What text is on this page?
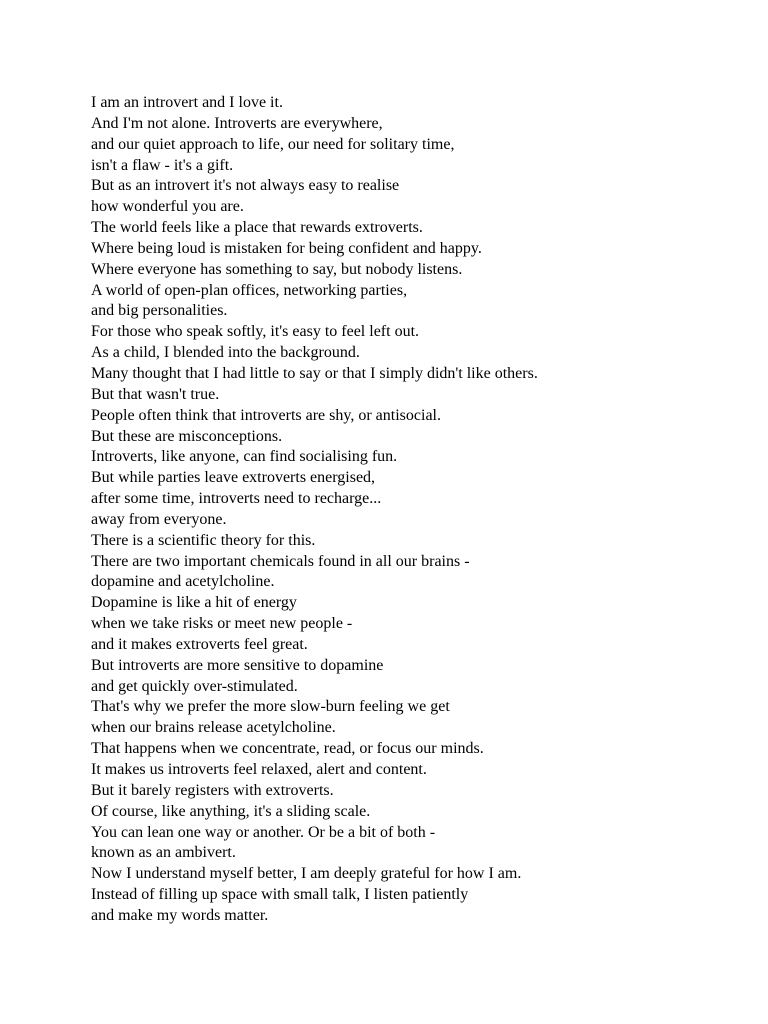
I am an introvert and I love it.
And I'm not alone. Introverts are everywhere,
and our quiet approach to life, our need for solitary time,
isn't a flaw - it's a gift.
But as an introvert it's not always easy to realise
how wonderful you are.
The world feels like a place that rewards extroverts.
Where being loud is mistaken for being confident and happy.
Where everyone has something to say, but nobody listens.
A world of open-plan offices, networking parties,
and big personalities.
For those who speak softly, it's easy to feel left out.
As a child, I blended into the background.
Many thought that I had little to say or that I simply didn't like others.
But that wasn't true.
People often think that introverts are shy, or antisocial.
But these are misconceptions.
Introverts, like anyone, can find socialising fun.
But while parties leave extroverts energised,
after some time, introverts need to recharge...
away from everyone.
There is a scientific theory for this.
There are two important chemicals found in all our brains -
dopamine and acetylcholine.
Dopamine is like a hit of energy
when we take risks or meet new people -
and it makes extroverts feel great.
But introverts are more sensitive to dopamine
and get quickly over-stimulated.
That's why we prefer the more slow-burn feeling we get
when our brains release acetylcholine.
That happens when we concentrate, read, or focus our minds.
It makes us introverts feel relaxed, alert and content.
But it barely registers with extroverts.
Of course, like anything, it's a sliding scale.
You can lean one way or another. Or be a bit of both -
known as an ambivert.
Now I understand myself better, I am deeply grateful for how I am.
Instead of filling up space with small talk, I listen patiently
and make my words matter.
